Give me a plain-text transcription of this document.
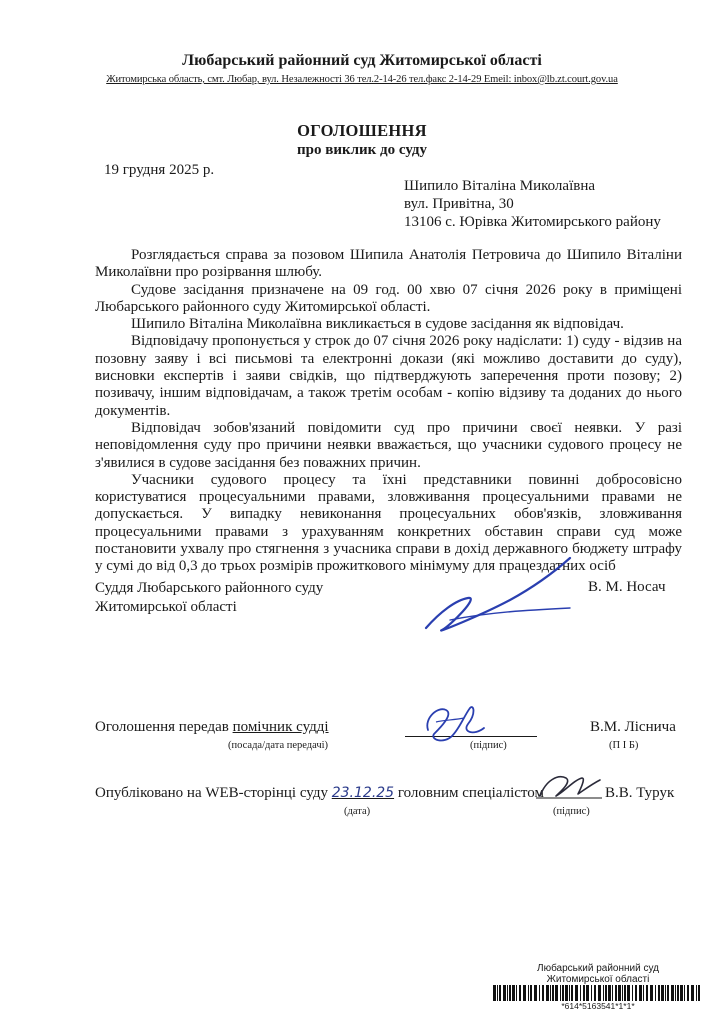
Любарський районний суд Житомирської області
Житомирська область, смт. Любар, вул. Незалежності 36 тел.2-14-26 тел.факс 2-14-29 Emeil: inbox@lb.zt.court.gov.ua
ОГОЛОШЕННЯ
про виклик до суду
19 грудня 2025 р.
Шипило Віталіна Миколаївна
вул. Привітна, 30
13106 с. Юрівка Житомирського району

Розглядається справа за позовом Шипила Анатолія Петровича до Шипило Віталіни Миколаївни про розірвання шлюбу.

Судове засідання призначене на 09 год. 00 хвю 07 січня 2026 року в приміщені Любарського районного суду Житомирської області.

Шипило Віталіна Миколаївна викликається в судове засідання як відповідач.

Відповідачу пропонується у строк до 07 січня 2026 року надіслати: 1) суду - відзив на позовну заяву і всі письмові та електронні докази (які можливо доставити до суду), висновки експертів і заяви свідків, що підтверджують заперечення проти позову; 2) позивачу, іншим відповідачам, а також третім особам - копію відзиву та доданих до нього документів.

Відповідач зобов'язаний повідомити суд про причини своєї неявки. У разі неповідомлення суду про причини неявки вважається, що учасники судового процесу не з'явилися в судове засідання без поважних причин.

Учасники судового процесу та їхні представники повинні добросовісно користуватися процесуальними правами, зловживання процесуальними правами не допускається. У випадку невиконання процесуальних обов'язків, зловживання процесуальними правами з урахуванням конкретних обставин справи суд може постановити ухвалу про стягнення з учасника справи в дохід державного бюджету штрафу у сумі до від 0,3 до трьох розмірів прожиткового мінімуму для працездатних осіб

Суддя Любарського районного суду
Житомирської області
В. М. Носач
Оголошення передав помічник судді	В.М. Лісничa
(посада/дата передачі)	(підпис)	(П І Б)
Опубліковано на WEB-сторінці суду 23.12.25 головним спеціалістом	В.В. Турук
(дата)	(підпис)
Любарський районний суд
Житомирської області
*614*5163541*1*1*
